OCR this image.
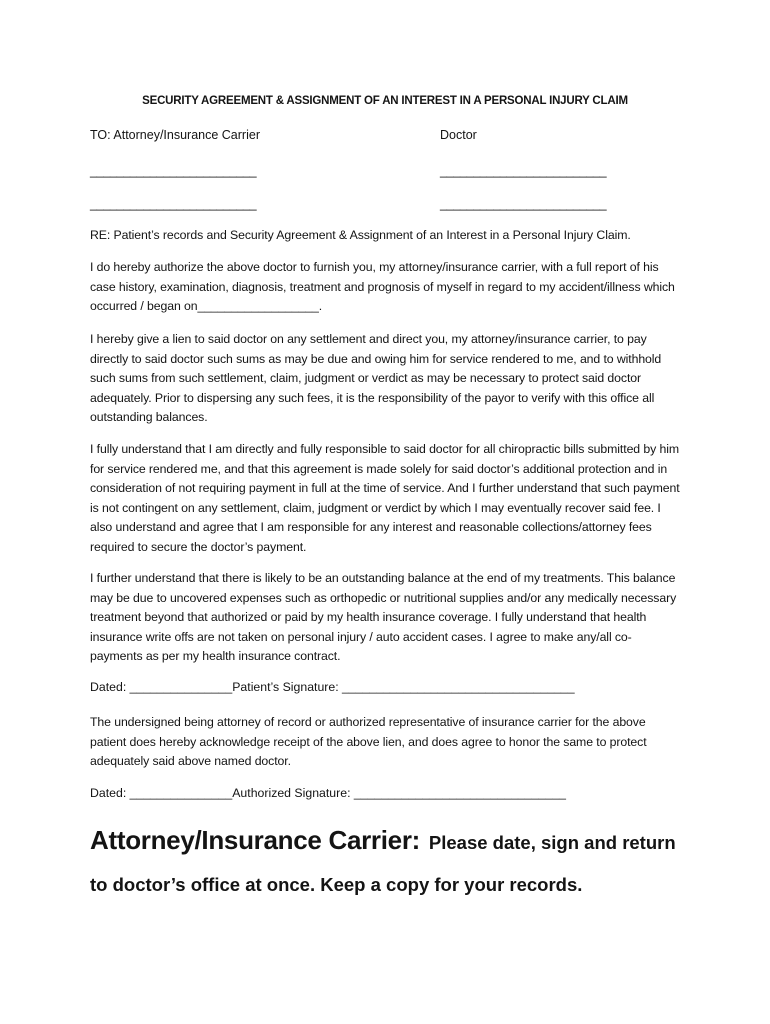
SECURITY AGREEMENT & ASSIGNMENT OF AN INTEREST IN A PERSONAL INJURY CLAIM
TO: Attorney/Insurance Carrier	Doctor
_________________________	_________________________
_________________________	_________________________
RE: Patient’s records and Security Agreement & Assignment of an Interest in a Personal Injury Claim.
I do hereby authorize the above doctor to furnish you, my attorney/insurance carrier, with a full report of his case history, examination, diagnosis, treatment and prognosis of myself in regard to my accident/illness which occurred / began on__________________.
I hereby give a lien to said doctor on any settlement and direct you, my attorney/insurance carrier, to pay directly to said doctor such sums as may be due and owing him for service rendered to me, and to withhold such sums from such settlement, claim, judgment or verdict as may be necessary to protect said doctor adequately. Prior to dispersing any such fees, it is the responsibility of the payor to verify with this office all outstanding balances.
I fully understand that I am directly and fully responsible to said doctor for all chiropractic bills submitted by him for service rendered me, and that this agreement is made solely for said doctor’s additional protection and in consideration of not requiring payment in full at the time of service. And I further understand that such payment is not contingent on any settlement, claim, judgment or verdict by which I may eventually recover said fee. I also understand and agree that I am responsible for any interest and reasonable collections/attorney fees required to secure the doctor’s payment.
I further understand that there is likely to be an outstanding balance at the end of my treatments. This balance may be due to uncovered expenses such as orthopedic or nutritional supplies and/or any medically necessary treatment beyond that authorized or paid by my health insurance coverage. I fully understand that health insurance write offs are not taken on personal injury / auto accident cases. I agree to make any/all co-payments as per my health insurance contract.
Dated: _______________Patient’s Signature: __________________________________
The undersigned being attorney of record or authorized representative of insurance carrier for the above patient does hereby acknowledge receipt of the above lien, and does agree to honor the same to protect adequately said above named doctor.
Dated: _______________Authorized Signature: _______________________________
Attorney/Insurance Carrier: Please date, sign and return to doctor’s office at once. Keep a copy for your records.
